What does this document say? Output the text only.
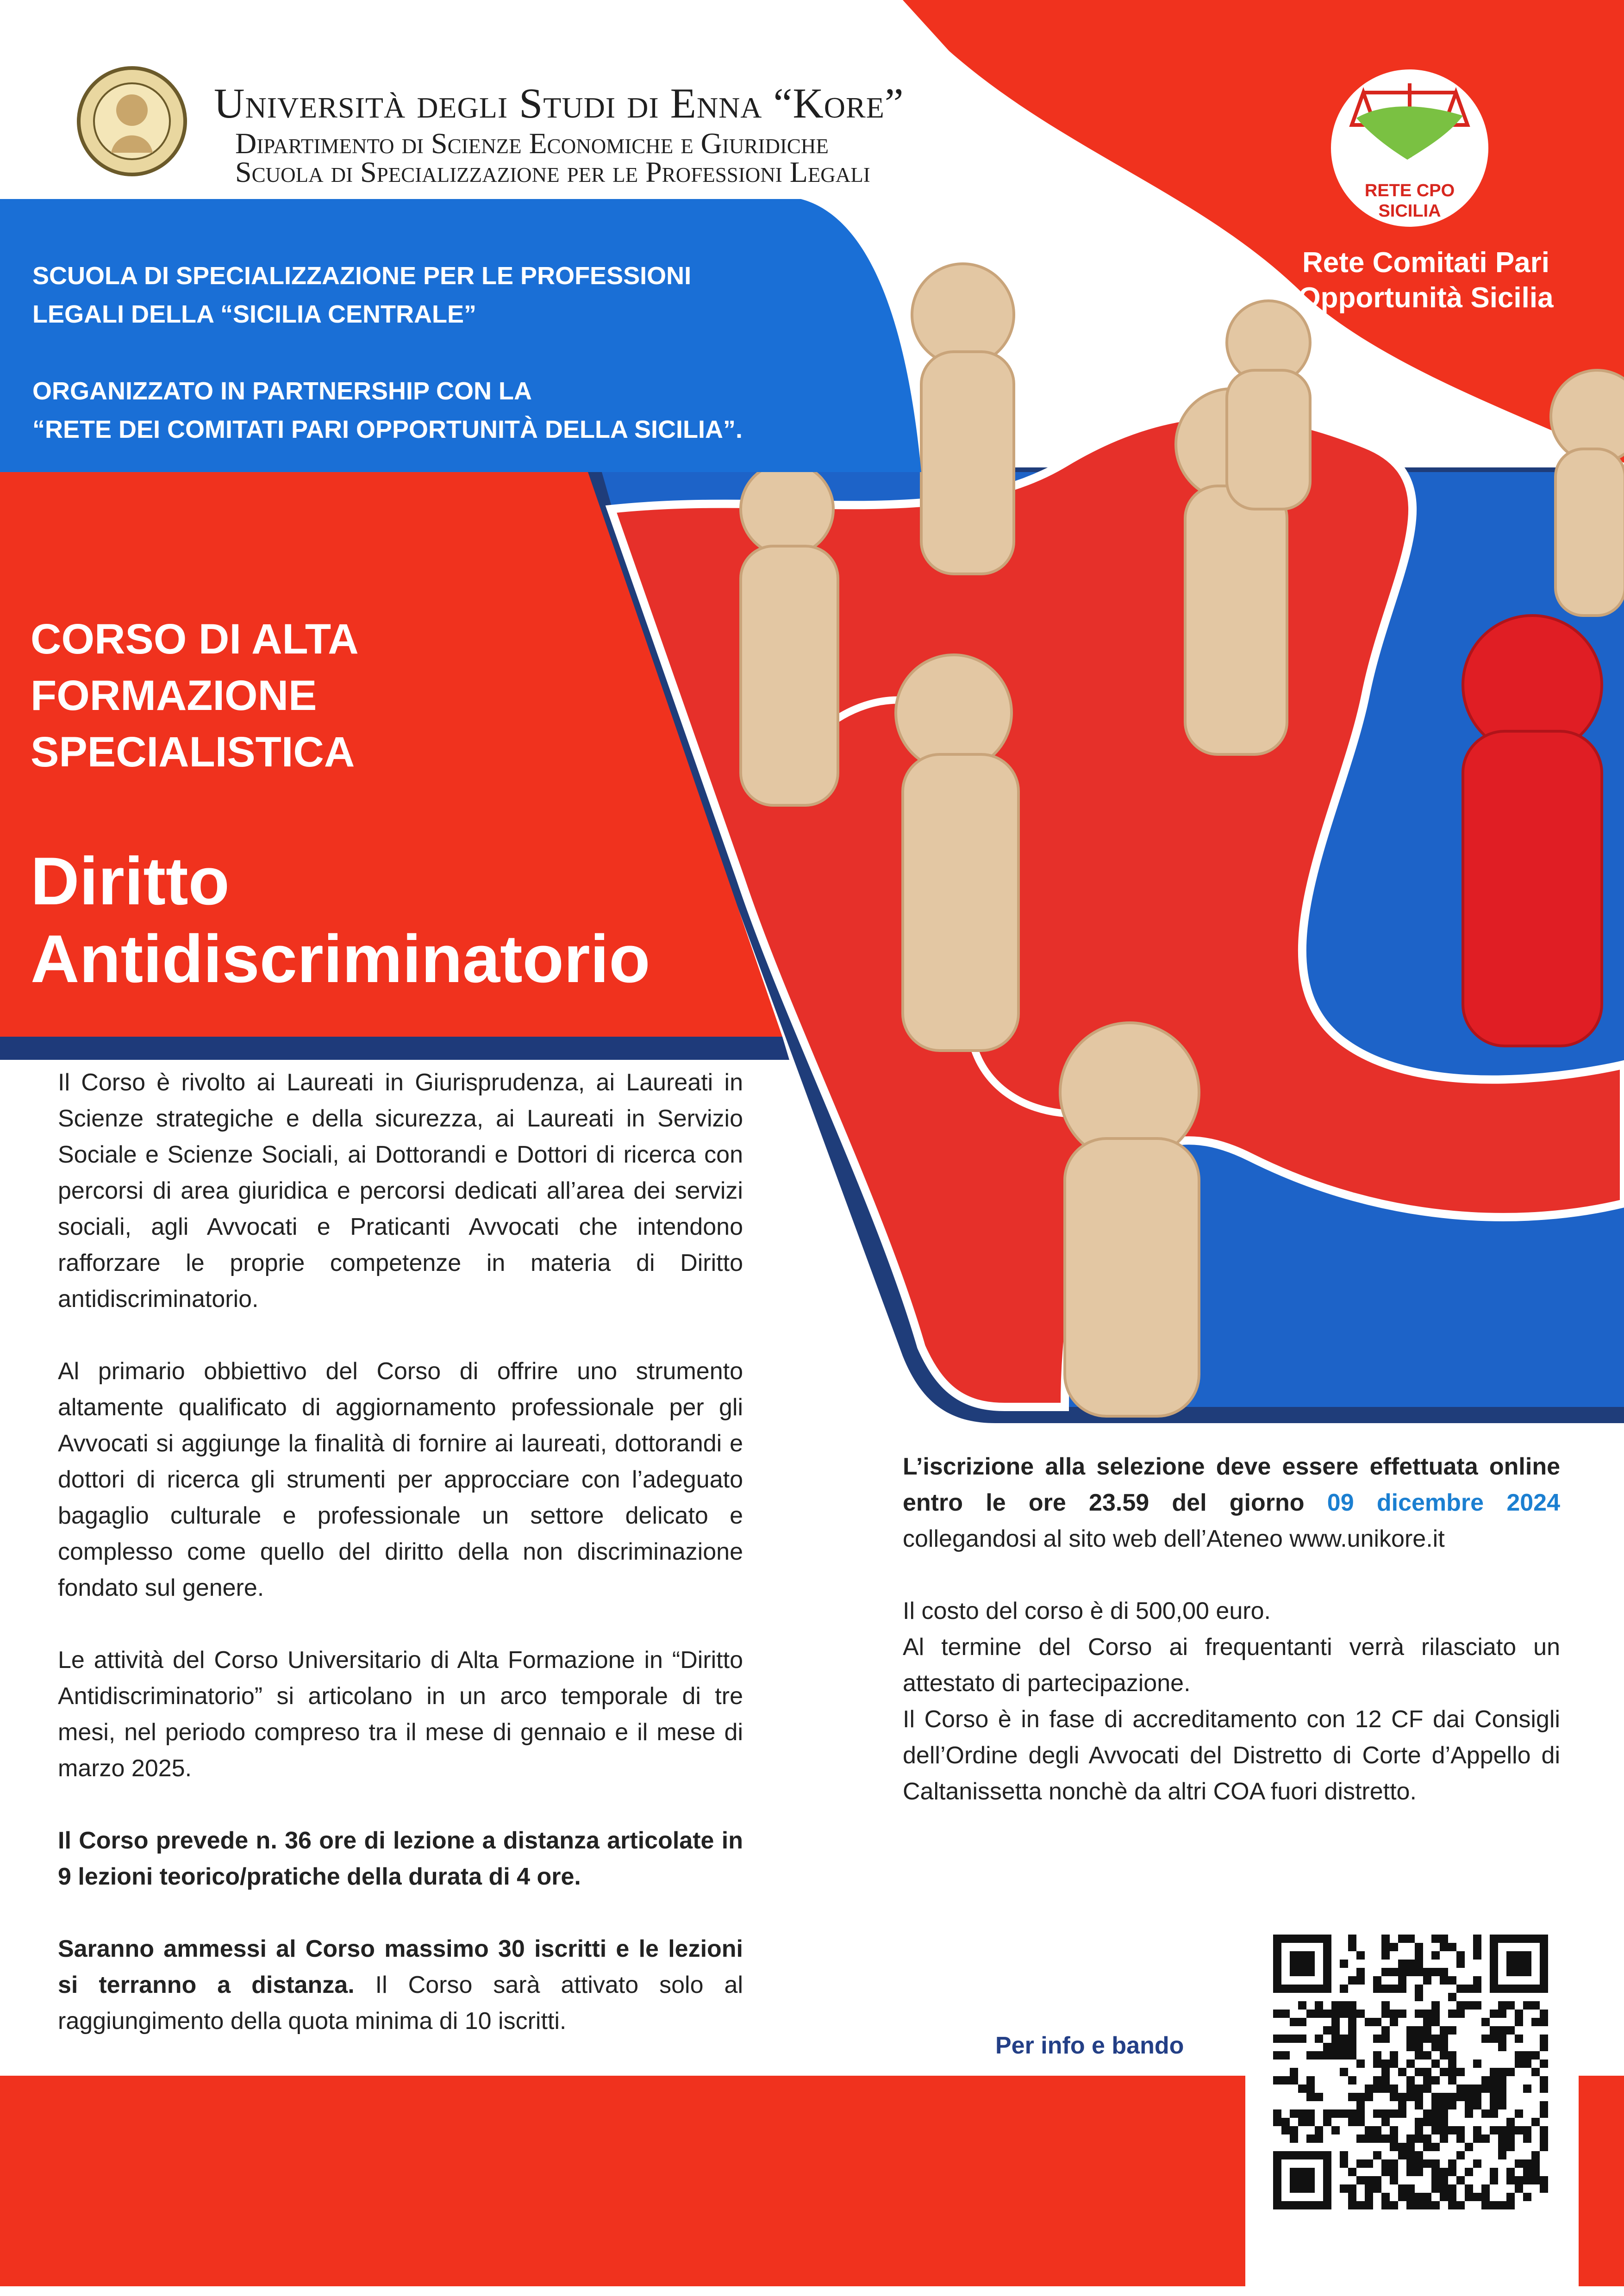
Università degli Studi di Enna “Kore”
Dipartimento di Scienze Economiche e Giuridiche
Scuola di Specializzazione per le Professioni Legali

SCUOLA DI SPECIALIZZAZIONE PER LE PROFESSIONI

LEGALI DELLA “SICILIA CENTRALE”

ORGANIZZATO IN PARTNERSHIP CON LA

“RETE DEI COMITATI PARI OPPORTUNITÀ DELLA SICILIA”.

RETE CPO
SICILIA
Rete Comitati Pari
Opportunità Sicilia
CORSO DI ALTA
FORMAZIONE
SPECIALISTICA
Diritto
Antidiscriminatorio

Il Corso è rivolto ai Laureati in Giurisprudenza, ai Laureati in Scienze strategiche e della sicurezza, ai Laureati in Servizio Sociale e Scienze Sociali, ai Dottorandi e Dottori di ricerca con percorsi di area giuridica e percorsi dedicati all’area dei servizi sociali, agli Avvocati e Praticanti Avvocati che intendono rafforzare le proprie competenze in materia di Diritto antidiscriminatorio.

Al primario obbiettivo del Corso di offrire uno strumento altamente qualificato di aggiornamento professionale per gli Avvocati si aggiunge la finalità di fornire ai laureati, dottorandi e dottori di ricerca gli strumenti per approcciare con l’adeguato bagaglio culturale e professionale un settore delicato e complesso come quello del diritto della non discriminazione fondato sul genere.

Le attività del Corso Universitario di Alta Formazione in “Diritto Antidiscriminatorio” si articolano in un arco temporale di tre mesi, nel periodo compreso tra il mese di gennaio e il mese di marzo 2025.

Il Corso prevede n. 36 ore di lezione a distanza articolate in 9 lezioni teorico/pratiche della durata di 4 ore.

Saranno ammessi al Corso massimo 30 iscritti e le lezioni si terranno a distanza. Il Corso sarà attivato solo al raggiungimento della quota minima di 10 iscritti.

L’iscrizione alla selezione deve essere effettuata online entro le ore 23.59 del giorno 09 dicembre 2024 collegandosi al sito web dell’Ateneo www.unikore.it

Il costo del corso è di 500,00 euro.
Al termine del Corso ai frequentanti verrà rilasciato un attestato di partecipazione.
Il Corso è in fase di accreditamento con 12 CF dai Consigli dell’Ordine degli Avvocati del Distretto di Corte d’Appello di Caltanissetta nonchè da altri COA fuori distretto.

Per info e bando
